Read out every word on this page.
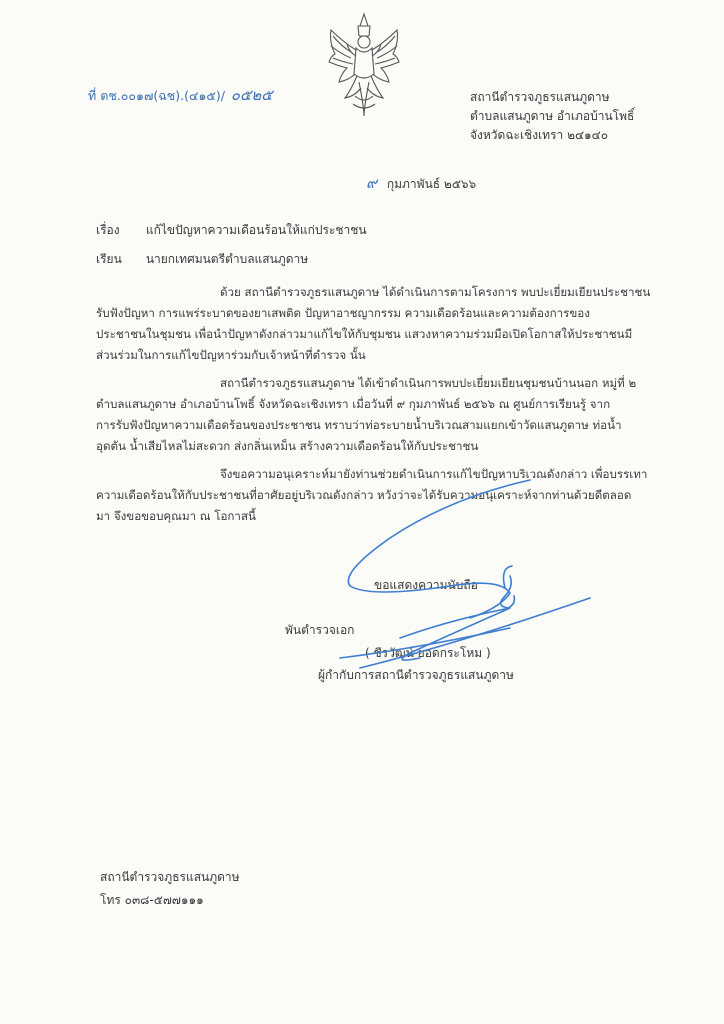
ที่ ตช.๐๐๑๗(ฉช).(๔๑๕)/ ๐๕๒๕	สถานีตำรวจภูธรแสนภูดาษ
ตำบลแสนภูดาษ อำเภอบ้านโพธิ์
จังหวัดฉะเชิงเทรา ๒๔๑๔๐
๙ กุมภาพันธ์ ๒๕๖๖
เรื่อง แก้ไขปัญหาความเดือนร้อนให้แก่ประชาชน
เรียน นายกเทศมนตรีตำบลแสนภูดาษ
ด้วย สถานีตำรวจภูธรแสนภูดาษ ได้ดำเนินการตามโครงการ พบปะเยี่ยมเยียนประชาชน
รับฟังปัญหา การแพร่ระบาดของยาเสพติด ปัญหาอาชญากรรม ความเดือดร้อนและความต้องการของ
ประชาชนในชุมชน เพื่อนำปัญหาดังกล่าวมาแก้ไขให้กับชุมชน แสวงหาความร่วมมือเปิดโอกาสให้ประชาชนมี
ส่วนร่วมในการแก้ไขปัญหาร่วมกับเจ้าหน้าที่ตำรวจ นั้น
สถานีตำรวจภูธรแสนภูดาษ ได้เข้าดำเนินการพบปะเยี่ยมเยียนชุมชนบ้านนอก หมู่ที่ ๒
ตำบลแสนภูดาษ อำเภอบ้านโพธิ์ จังหวัดฉะเชิงเทรา เมื่อวันที่ ๙ กุมภาพันธ์ ๒๕๖๖ ณ ศูนย์การเรียนรู้ จาก
การรับฟังปัญหาความเดือดร้อนของประชาชน ทราบว่าท่อระบายน้ำบริเวณสามแยกเข้าวัดแสนภูดาษ ท่อน้ำ
อุดตัน น้ำเสียไหลไม่สะดวก ส่งกลิ่นเหม็น สร้างความเดือดร้อนให้กับประชาชน
จึงขอความอนุเคราะห์มายังท่านช่วยดำเนินการแก้ไขปัญหาบริเวณดังกล่าว เพื่อบรรเทา
ความเดือดร้อนให้กับประชาชนที่อาศัยอยู่บริเวณดังกล่าว หวังว่าจะได้รับความอนุเคราะห์จากท่านด้วยดีตลอด
มา จึงขอขอบคุณมา ณ โอกาสนี้
ขอแสดงความนับถือ
พันตำรวจเอก
( ชีรวัฒน์ ยอดกระโหม )
ผู้กำกับการสถานีตำรวจภูธรแสนภูดาษ
สถานีตำรวจภูธรแสนภูดาษ
โทร ๐๓๘-๕๗๗๑๑๑
